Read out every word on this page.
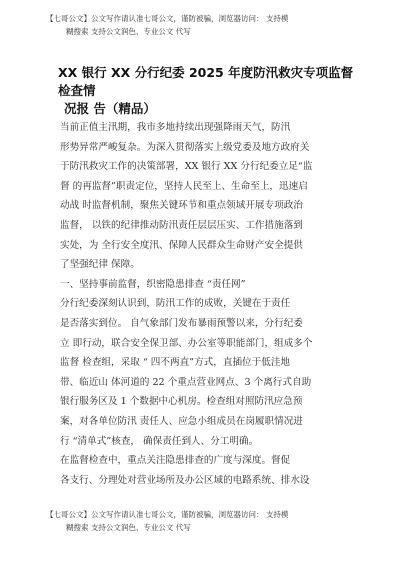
【七哥公文】公文写作请认准七哥公文，谨防被骗，浏览器访问： 支持模
糊搜索 支持公文润色、专业公文 代写
XX 银行 XX 分行纪委 2025 年度防汛救灾专项监督检查情
况报 告（精品）

当前正值主汛期，我市多地持续出现强降雨天气，防汛

形势异常严峻复杂。为深入贯彻落实上级党委及地方政府关

于防汛救灾工作的决策部署，XX 银行 XX 分行纪委立足“监

督 的再监督”职责定位，坚持人民至上、生命至上，迅速启

动战 时监督机制，聚焦关键环节和重点领域开展专项政治

监督， 以铁的纪律推动防汛责任层层压实、工作措施落到

实处，为 全行安全度汛、保障人民群众生命财产安全提供

了坚强纪律 保障。

一、坚持事前监督，织密隐患排查 “责任网”

分行纪委深刻认识到，防汛工作的成败，关键在于责任

是否落实到位。 自气象部门发布暴雨预警以来，分行纪委

立 即行动，联合安全保卫部、办公室等职能部门，组成多个

监督 检查组，采取 “ 四不两直”方式，直插位于低洼地

带、临近山 体河道的 22 个重点营业网点、3 个离行式自助

银行服务区及 1 个数据中心机房。检查组对照防汛应急预

案，对各单位防汛 责任人、应急小组成员在岗履职情况进

行 “清单式”核查， 确保责任到人、分工明确。

在监督检查中，重点关注隐患排查的广度与深度。督促

各支行、分理处对营业场所及办公区域的电路系统、排水设

【七哥公文】公文写作请认准七哥公文，谨防被骗，浏览器访问： 支持模
糊搜索 支持公文润色、专业公文 代写
